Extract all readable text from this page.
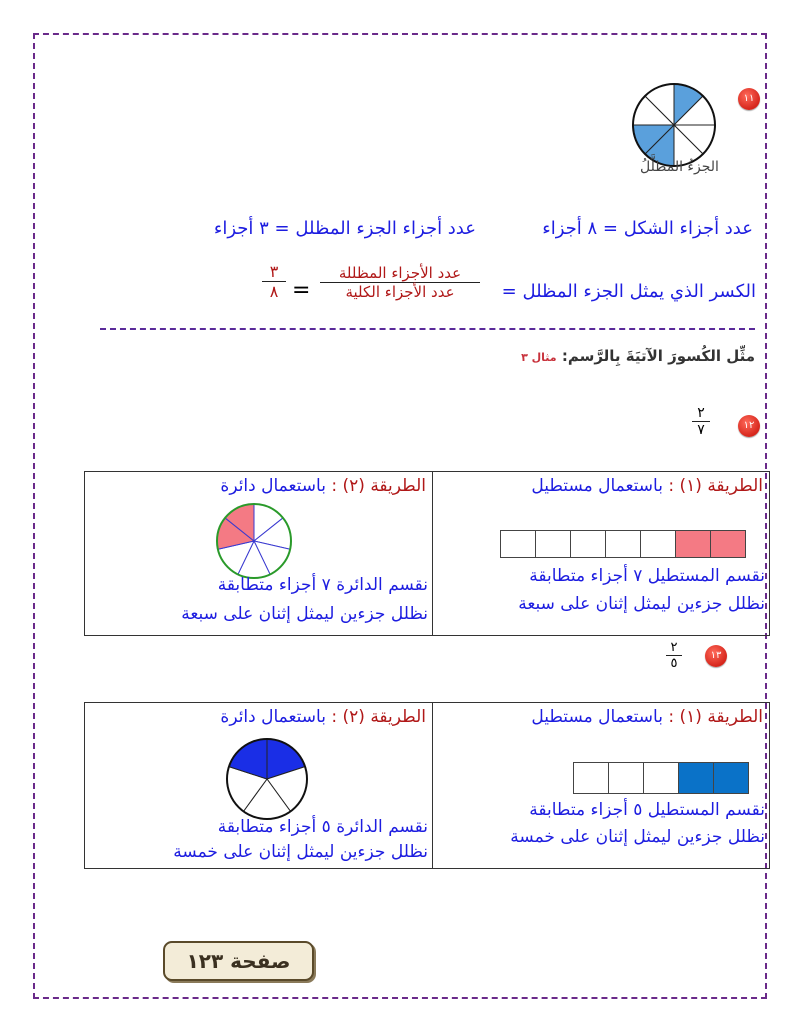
١١
الجزءُ المظلَّلُ
عدد أجزاء الشكل = ٨ أجزاء
عدد أجزاء الجزء المظلل = ٣ أجزاء
الكسر الذي يمثل الجزء المظلل =
عدد الأجزاء المظللة
عدد الأجزاء الكلية
=
٣
٨
مثِّل الكُسورَ الآتيَةَ بِالرَّسم: مثال ٣
١٢
٢
٧
الطريقة (٢) : باستعمال دائرة
نقسم الدائرة ٧ أجزاء متطابقة
نظلل جزءين ليمثل إثنان على سبعة

الطريقة (١) : باستعمال مستطيل
نقسم المستطيل ٧ أجزاء متطابقة
نظلل جزءين ليمثل إثنان على سبعة
١٣
٢
٥
الطريقة (٢) : باستعمال دائرة
نقسم الدائرة ٥ أجزاء متطابقة
نظلل جزءين ليمثل إثنان على خمسة

الطريقة (١) : باستعمال مستطيل
نقسم المستطيل ٥ أجزاء متطابقة
نظلل جزءين ليمثل إثنان على خمسة
صفحة ١٢٣
